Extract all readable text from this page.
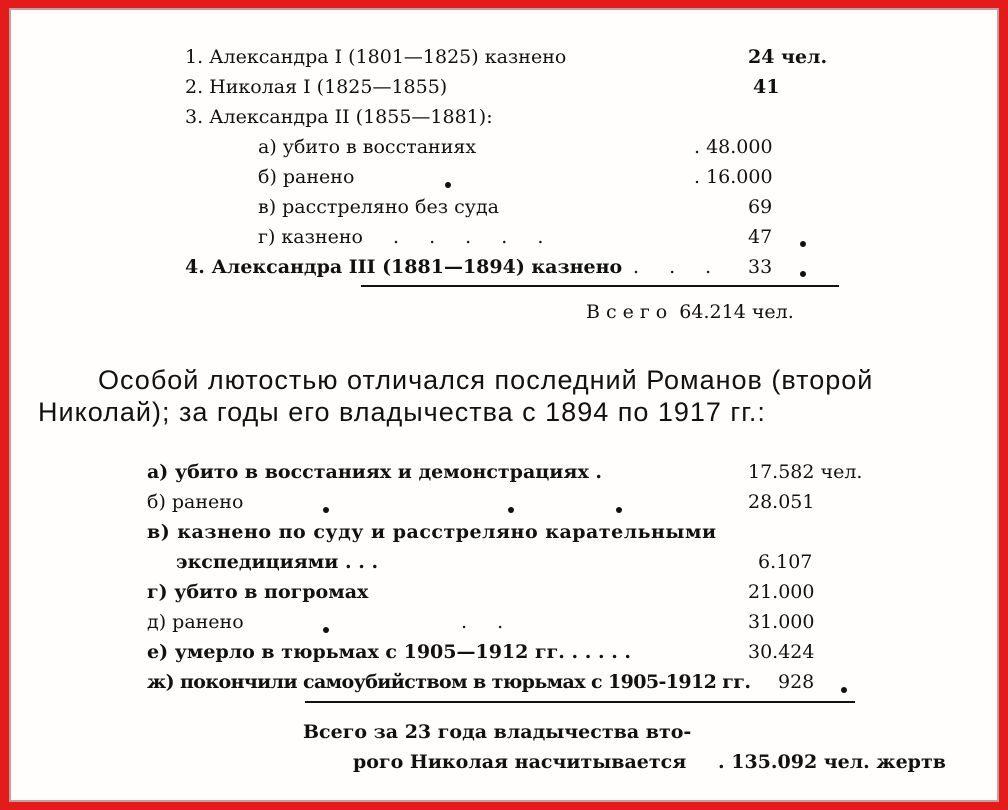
1. Александра I (1801—1825) казнено	24 чел.
2. Николая I (1825—1855)	41
3. Александра II (1855—1881):
а) убито в восстаниях	. 48.000
б) ранено	. 16.000
в) расстреляно без суда	69
г) казнено . . . . .	47
4. Александра III (1881—1894) казнено . . . 33
Всего 64.214 чел.
Особой лютостью отличался последний Романов (второй
Николай); за годы его владычества с 1894 по 1917 гг.:
а) убито в восстаниях и демонстрациях .	17.582 чел.
б) ранено	28.051
в) казнено по суду и расстреляно карательными
экспедициями . . .	6.107
г) убито в погромах	21.000
д) ранено	. .	31.000
е) умерло в тюрьмах с 1905—1912 гг. . . . . .	30.424
ж) покончили самоубийством в тюрьмах с 1905-1912 гг. 928
Всего за 23 года владычества вто-
рого Николая насчитывается . 135.092 чел. жертв
